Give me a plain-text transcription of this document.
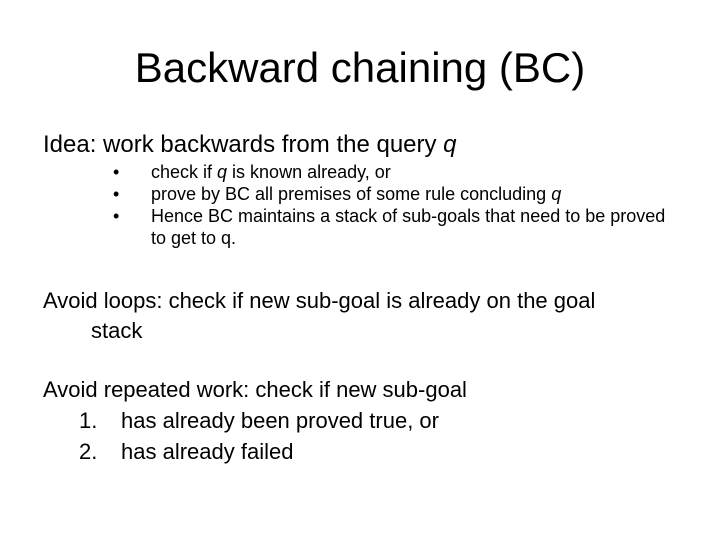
Backward chaining (BC)
Idea: work backwards from the query q
• check if q is known already, or
• prove by BC all premises of some rule concluding q
• Hence BC maintains a stack of sub-goals that need to be proved to get to q.
Avoid loops: check if new sub-goal is already on the goal
stack
Avoid repeated work: check if new sub-goal
1. has already been proved true, or
2. has already failed
